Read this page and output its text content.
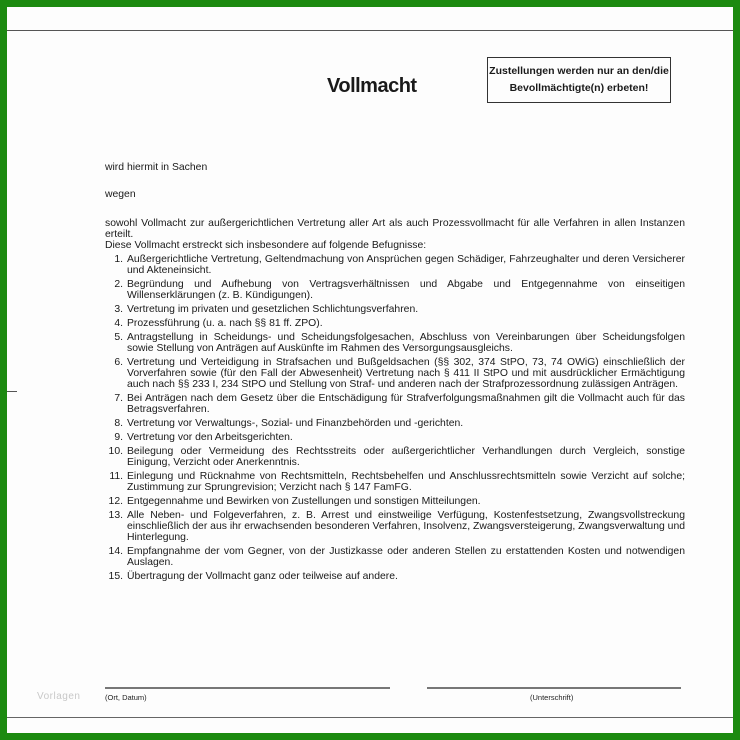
Vollmacht
Zustellungen werden nur an den/die
Bevollmächtigte(n) erbeten!

wird hiermit in Sachen

wegen

sowohl Vollmacht zur außergerichtlichen Vertretung aller Art als auch Prozessvollmacht für alle Verfahren in allen Instanzen erteilt.

Diese Vollmacht erstreckt sich insbesondere auf folgende Befugnisse:

1. Außergerichtliche Vertretung, Geltendmachung von Ansprüchen gegen Schädiger, Fahrzeughalter und deren Versicherer und Akteneinsicht.
2. Begründung und Aufhebung von Vertragsverhältnissen und Abgabe und Entgegennahme von einseitigen Willenserklärungen (z. B. Kündigungen).
3. Vertretung im privaten und gesetzlichen Schlichtungsverfahren.
4. Prozessführung (u. a. nach §§ 81 ff. ZPO).
5. Antragstellung in Scheidungs- und Scheidungsfolgesachen, Abschluss von Vereinbarungen über Scheidungsfolgen sowie Stellung von Anträgen auf Auskünfte im Rahmen des Versorgungsausgleichs.
6. Vertretung und Verteidigung in Strafsachen und Bußgeldsachen (§§ 302, 374 StPO, 73, 74 OWiG) einschließlich der Vorverfahren sowie (für den Fall der Abwesenheit) Vertretung nach § 411 II StPO und mit ausdrücklicher Ermächtigung auch nach §§ 233 I, 234 StPO und Stellung von Straf- und anderen nach der Strafprozessordnung zulässigen Anträgen.
7. Bei Anträgen nach dem Gesetz über die Entschädigung für Strafverfolgungsmaßnahmen gilt die Vollmacht auch für das Betragsverfahren.
8. Vertretung vor Verwaltungs-, Sozial- und Finanzbehörden und -gerichten.
9. Vertretung vor den Arbeitsgerichten.
10. Beilegung oder Vermeidung des Rechtsstreits oder außergerichtlicher Verhandlungen durch Vergleich, sonstige Einigung, Verzicht oder Anerkenntnis.
11. Einlegung und Rücknahme von Rechtsmitteln, Rechtsbehelfen und Anschlussrechtsmitteln sowie Verzicht auf solche; Zustimmung zur Sprungrevision; Verzicht nach § 147 FamFG.
12. Entgegennahme und Bewirken von Zustellungen und sonstigen Mitteilungen.
13. Alle Neben- und Folgeverfahren, z. B. Arrest und einstweilige Verfügung, Kostenfestsetzung, Zwangsvollstreckung einschließlich der aus ihr erwachsenden besonderen Verfahren, Insolvenz, Zwangsversteigerung, Zwangsverwaltung und Hinterlegung.
14. Empfangnahme der vom Gegner, von der Justizkasse oder anderen Stellen zu erstattenden Kosten und notwendigen Auslagen.
15. Übertragung der Vollmacht ganz oder teilweise auf andere.
Vorlagen	(Ort, Datum)	(Unterschrift)
